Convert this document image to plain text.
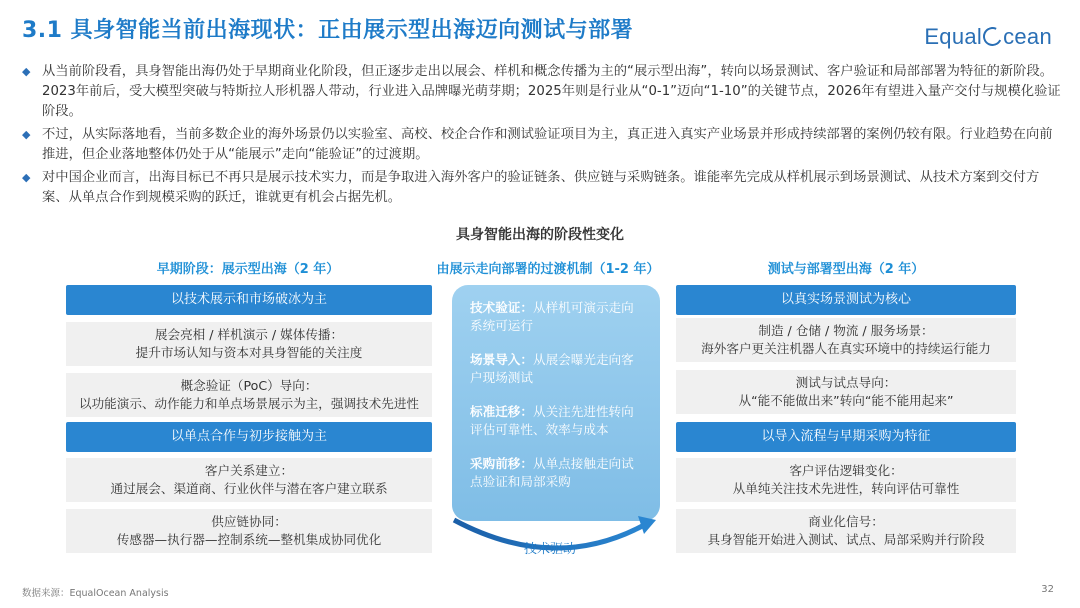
3.1 具身智能当前出海现状：正由展示型出海迈向测试与部署	Equal cean
◆ 从当前阶段看，具身智能出海仍处于早期商业化阶段，但正逐步走出以展会、样机和概念传播为主的“展示型出海”，转向以场景测试、客户验证和局部部署为特征的新阶段。2023年前后，受大模型突破与特斯拉人形机器人带动，行业进入品牌曝光萌芽期；2025年则是行业从“0-1”迈向“1-10”的关键节点，2026年有望进入量产交付与规模化验证阶段。
◆ 不过，从实际落地看，当前多数企业的海外场景仍以实验室、高校、校企合作和测试验证项目为主，真正进入真实产业场景并形成持续部署的案例仍较有限。行业趋势在向前推进，但企业落地整体仍处于从“能展示”走向“能验证”的过渡期。
◆ 对中国企业而言，出海目标已不再只是展示技术实力，而是争取进入海外客户的验证链条、供应链与采购链条。谁能率先完成从样机展示到场景测试、从技术方案到交付方案、从单点合作到规模采购的跃迁，谁就更有机会占据先机。
具身智能出海的阶段性变化
早期阶段：展示型出海（2 年）
以技术展示和市场破冰为主
展会亮相 / 样机演示 / 媒体传播：
提升市场认知与资本对具身智能的关注度
概念验证（PoC）导向：
以功能演示、动作能力和单点场景展示为主，强调技术先进性
以单点合作与初步接触为主
客户关系建立：
通过展会、渠道商、行业伙伴与潜在客户建立联系
供应链协同：
传感器—执行器—控制系统—整机集成协同优化
由展示走向部署的过渡机制（1-2 年）
技术验证：从样机可演示走向系统可运行
场景导入：从展会曝光走向客户现场测试
标准迁移：从关注先进性转向评估可靠性、效率与成本
采购前移：从单点接触走向试点验证和局部采购
技术驱动
测试与部署型出海（2 年）
以真实场景测试为核心
制造 / 仓储 / 物流 / 服务场景：
海外客户更关注机器人在真实环境中的持续运行能力
测试与试点导向：
从“能不能做出来”转向“能不能用起来”
以导入流程与早期采购为特征
客户评估逻辑变化：
从单纯关注技术先进性，转向评估可靠性
商业化信号：
具身智能开始进入测试、试点、局部采购并行阶段
数据来源：EqualOcean Analysis	32
